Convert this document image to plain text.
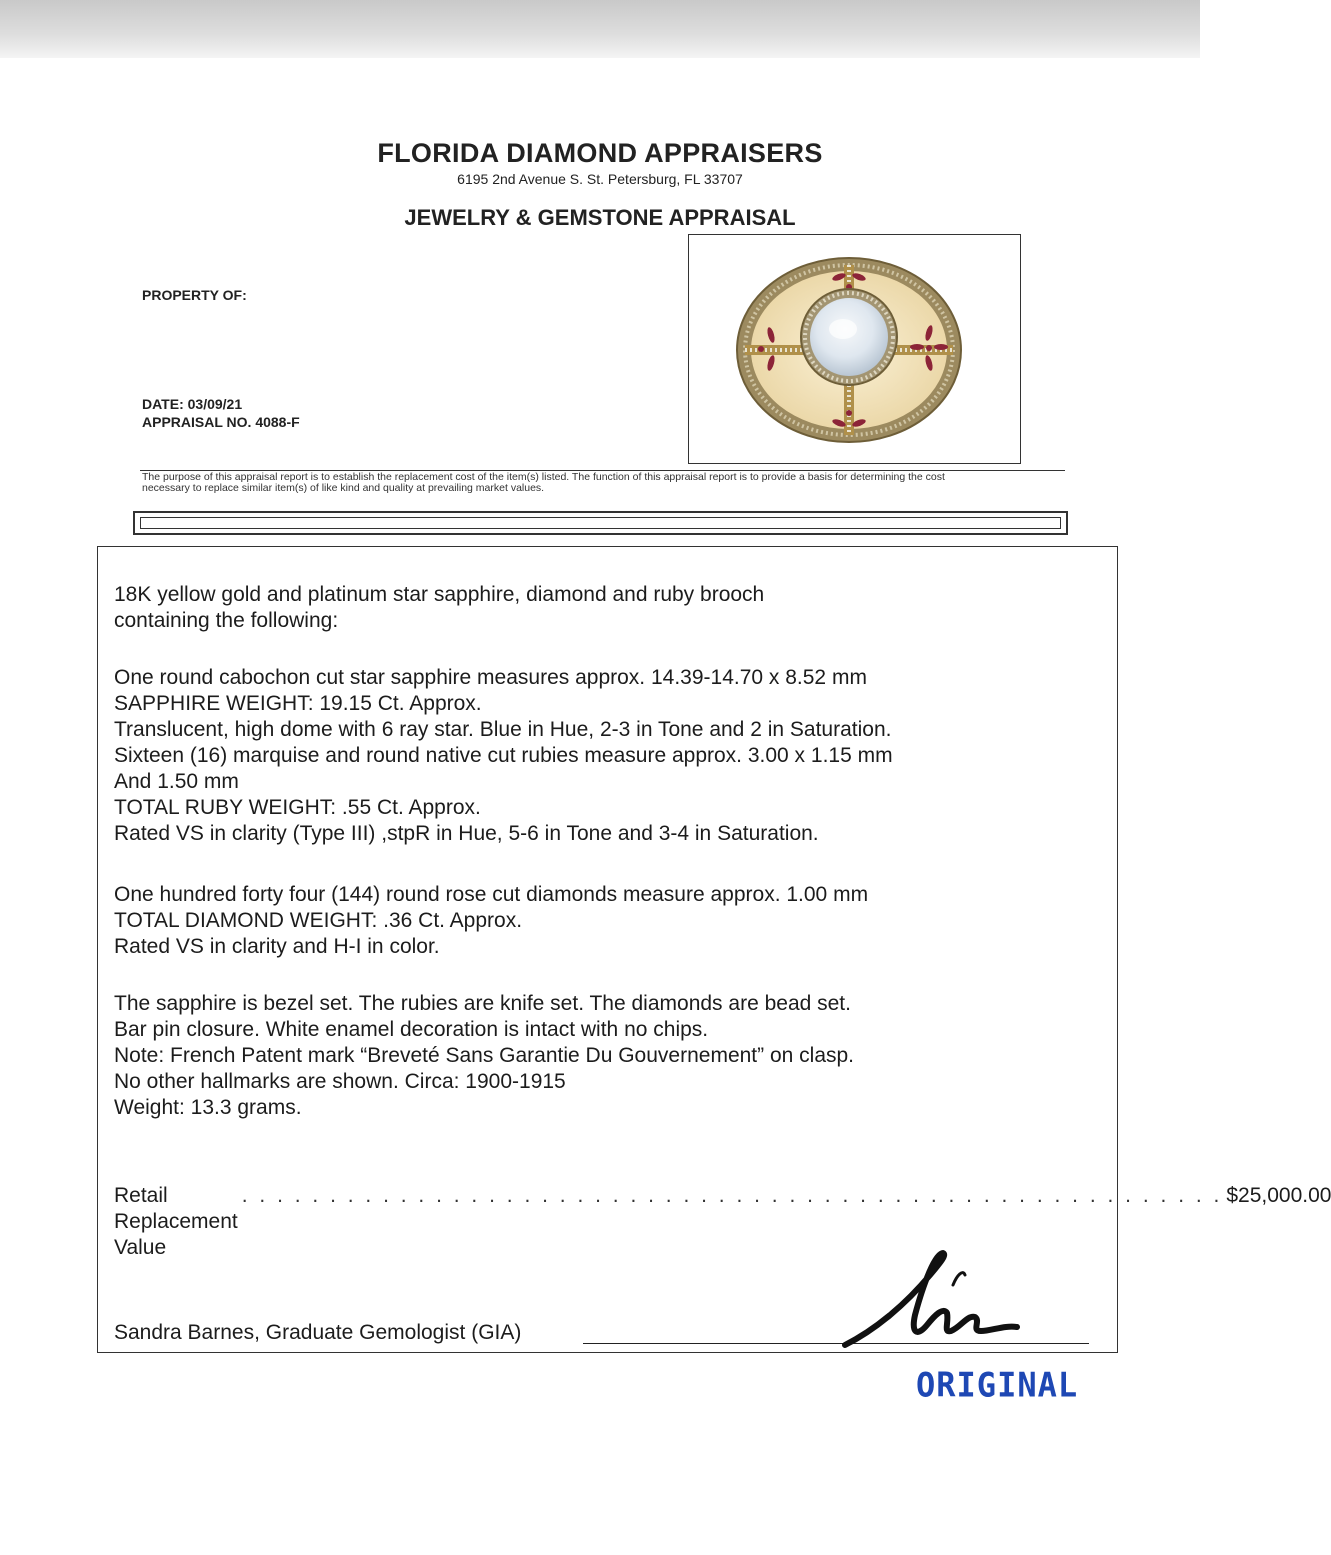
FLORIDA DIAMOND APPRAISERS
6195 2nd Avenue S. St. Petersburg, FL 33707
JEWELRY & GEMSTONE APPRAISAL
PROPERTY OF:
DATE: 03/09/21
APPRAISAL NO. 4088-F
The purpose of this appraisal report is to establish the replacement cost of the item(s) listed. The function of this appraisal report is to provide a basis for determining the cost
necessary to replace similar item(s) of like kind and quality at prevailing market values.
18K yellow gold and platinum star sapphire, diamond and ruby brooch
containing the following:
One round cabochon cut star sapphire measures approx. 14.39-14.70 x 8.52 mm
SAPPHIRE WEIGHT: 19.15 Ct. Approx.
Translucent, high dome with 6 ray star. Blue in Hue, 2-3 in Tone and 2 in Saturation.
Sixteen (16) marquise and round native cut rubies measure approx. 3.00 x 1.15 mm
And 1.50 mm
TOTAL RUBY WEIGHT: .55 Ct. Approx.
Rated VS in clarity (Type III) ,stpR in Hue, 5-6 in Tone and 3-4 in Saturation.
One hundred forty four (144) round rose cut diamonds measure approx. 1.00 mm
TOTAL DIAMOND WEIGHT: .36 Ct. Approx.
Rated VS in clarity and H-I in color.
The sapphire is bezel set. The rubies are knife set. The diamonds are bead set.
Bar pin closure. White enamel decoration is intact with no chips.
Note: French Patent mark “Breveté Sans Garantie Du Gouvernement” on clasp.
No other hallmarks are shown. Circa: 1900-1915
Weight: 13.3 grams.
Retail Replacement Value
. . . . . . . . . . . . . . . . . . . . . . . . . . . . . . . . . . . . . . . . . . . . . . . . . . . . . . . . $25,000.00
Sandra Barnes, Graduate Gemologist (GIA)
ORIGINAL
